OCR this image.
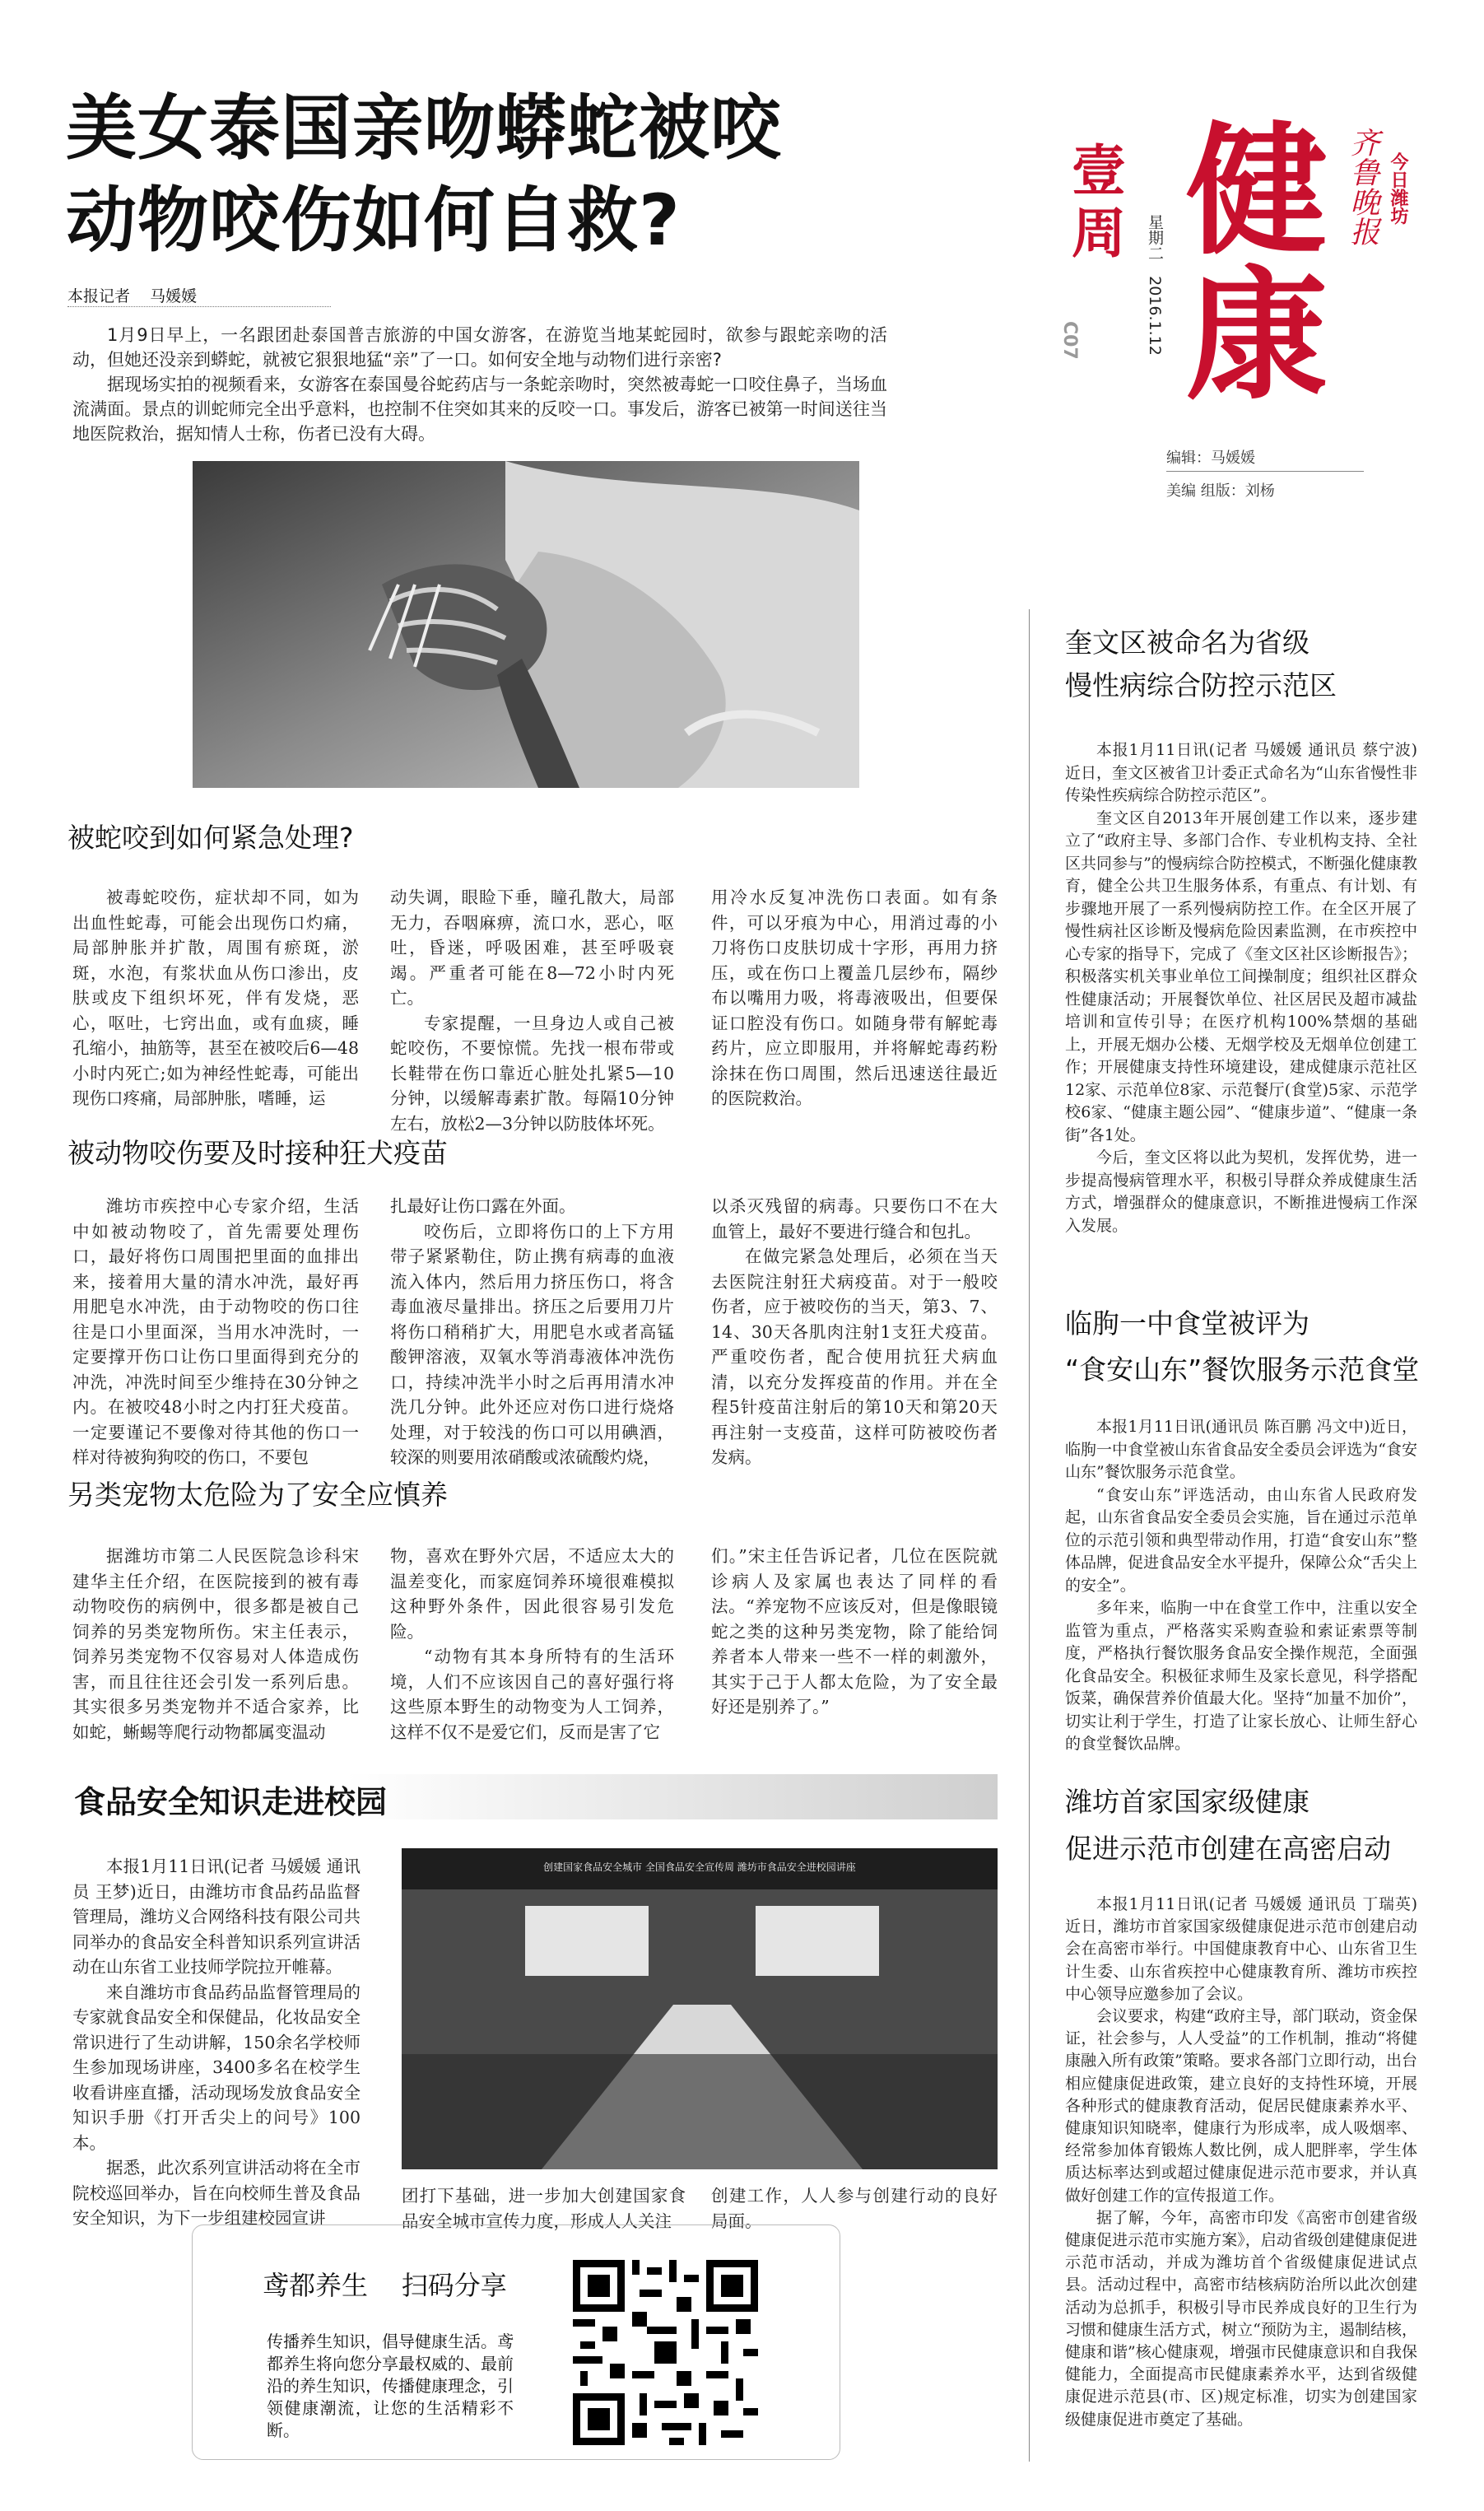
壹
周 星期二   2016.1.12
C07
健
康
齐鲁晚报 今日潍坊
编辑：马媛媛
美编 组版：刘杨
美女泰国亲吻蟒蛇被咬
动物咬伤如何自救?
本报记者    马媛媛

1月9日早上，一名跟团赴泰国普吉旅游的中国女游客，在游览当地某蛇园时，欲参与跟蛇亲吻的活动，但她还没亲到蟒蛇，就被它狠狠地猛“亲”了一口。如何安全地与动物们进行亲密?

据现场实拍的视频看来，女游客在泰国曼谷蛇药店与一条蛇亲吻时，突然被毒蛇一口咬住鼻子，当场血流满面。景点的训蛇师完全出乎意料，也控制不住突如其来的反咬一口。事发后，游客已被第一时间送往当地医院救治，据知情人士称，伤者已没有大碍。

被蛇咬到如何紧急处理?

被毒蛇咬伤，症状却不同，如为出血性蛇毒，可能会出现伤口灼痛，局部肿胀并扩散，周围有瘀斑，淤斑，水泡，有浆状血从伤口渗出，皮肤或皮下组织坏死，伴有发烧，恶心，呕吐，七窍出血，或有血痰，睡孔缩小，抽筋等，甚至在被咬后6—48小时内死亡;如为神经性蛇毒，可能出现伤口疼痛，局部肿胀，嗜睡，运

动失调，眼睑下垂，瞳孔散大，局部无力，吞咽麻痹，流口水，恶心，呕吐，昏迷，呼吸困难，甚至呼吸衰竭。严重者可能在8—72小时内死亡。

专家提醒，一旦身边人或自己被蛇咬伤，不要惊慌。先找一根布带或长鞋带在伤口靠近心脏处扎紧5—10分钟，以缓解毒素扩散。每隔10分钟左右，放松2—3分钟以防肢体坏死。

用冷水反复冲洗伤口表面。如有条件，可以牙痕为中心，用消过毒的小刀将伤口皮肤切成十字形，再用力挤压，或在伤口上覆盖几层纱布，隔纱布以嘴用力吸，将毒液吸出，但要保证口腔没有伤口。如随身带有解蛇毒药片，应立即服用，并将解蛇毒药粉涂抹在伤口周围，然后迅速送往最近的医院救治。

被动物咬伤要及时接种狂犬疫苗

潍坊市疾控中心专家介绍，生活中如被动物咬了，首先需要处理伤口，最好将伤口周围把里面的血排出来，接着用大量的清水冲洗，最好再用肥皂水冲洗，由于动物咬的伤口往往是口小里面深，当用水冲洗时，一定要撑开伤口让伤口里面得到充分的冲洗，冲洗时间至少维持在30分钟之内。在被咬48小时之内打狂犬疫苗。一定要谨记不要像对待其他的伤口一样对待被狗狗咬的伤口，不要包

扎最好让伤口露在外面。

咬伤后，立即将伤口的上下方用带子紧紧勒住，防止携有病毒的血液流入体内，然后用力挤压伤口，将含毒血液尽量排出。挤压之后要用刀片将伤口稍稍扩大，用肥皂水或者高锰酸钾溶液，双氧水等消毒液体冲洗伤口，持续冲洗半小时之后再用清水冲洗几分钟。此外还应对伤口进行烧烙处理，对于较浅的伤口可以用碘酒，较深的则要用浓硝酸或浓硫酸灼烧，

以杀灭残留的病毒。只要伤口不在大血管上，最好不要进行缝合和包扎。

在做完紧急处理后，必须在当天去医院注射狂犬病疫苗。对于一般咬伤者，应于被咬伤的当天，第3、7、14、30天各肌肉注射1支狂犬疫苗。严重咬伤者，配合使用抗狂犬病血清，以充分发挥疫苗的作用。并在全程5针疫苗注射后的第10天和第20天再注射一支疫苗，这样可防被咬伤者发病。

另类宠物太危险为了安全应慎养

据潍坊市第二人民医院急诊科宋建华主任介绍，在医院接到的被有毒动物咬伤的病例中，很多都是被自己饲养的另类宠物所伤。宋主任表示，饲养另类宠物不仅容易对人体造成伤害，而且往往还会引发一系列后患。其实很多另类宠物并不适合家养，比如蛇，蜥蜴等爬行动物都属变温动

物，喜欢在野外穴居，不适应太大的温差变化，而家庭饲养环境很难模拟这种野外条件，因此很容易引发危险。

“动物有其本身所特有的生活环境，人们不应该因自己的喜好强行将这些原本野生的动物变为人工饲养，这样不仅不是爱它们，反而是害了它

们。”宋主任告诉记者，几位在医院就诊病人及家属也表达了同样的看法。“养宠物不应该反对，但是像眼镜蛇之类的这种另类宠物，除了能给饲养者本人带来一些不一样的刺激外，其实于己于人都太危险，为了安全最好还是别养了。”

食品安全知识走进校园

本报1月11日讯(记者 马媛媛 通讯员 王梦)近日，由潍坊市食品药品监督管理局，潍坊义合网络科技有限公司共同举办的食品安全科普知识系列宣讲活动在山东省工业技师学院拉开帷幕。

来自潍坊市食品药品监督管理局的专家就食品安全和保健品，化妆品安全常识进行了生动讲解，150余名学校师生参加现场讲座，3400多名在校学生收看讲座直播，活动现场发放食品安全知识手册《打开舌尖上的问号》100本。

据悉，此次系列宣讲活动将在全市院校巡回举办，旨在向校师生普及食品安全知识，为下一步组建校园宣讲

创建国家食品安全城市 全国食品安全宣传周 潍坊市食品安全进校园讲座

团打下基础，进一步加大创建国家食品安全城市宣传力度，形成人人关注

创建工作，人人参与创建行动的良好局面。

鸢都养生    扫码分享
传播养生知识，倡导健康生活。鸢都养生将向您分享最权威的、最前沿的养生知识，传播健康理念，引领健康潮流，让您的生活精彩不断。
奎文区被命名为省级
慢性病综合防控示范区

本报1月11日讯(记者 马媛媛 通讯员 蔡宁波)近日，奎文区被省卫计委正式命名为“山东省慢性非传染性疾病综合防控示范区”。

奎文区自2013年开展创建工作以来，逐步建立了“政府主导、多部门合作、专业机构支持、全社区共同参与”的慢病综合防控模式，不断强化健康教育，健全公共卫生服务体系，有重点、有计划、有步骤地开展了一系列慢病防控工作。在全区开展了慢性病社区诊断及慢病危险因素监测，在市疾控中心专家的指导下，完成了《奎文区社区诊断报告》；积极落实机关事业单位工间操制度；组织社区群众性健康活动；开展餐饮单位、社区居民及超市减盐培训和宣传引导；在医疗机构100%禁烟的基础上，开展无烟办公楼、无烟学校及无烟单位创建工作；开展健康支持性环境建设，建成健康示范社区12家、示范单位8家、示范餐厅(食堂)5家、示范学校6家、“健康主题公园”、“健康步道”、“健康一条街”各1处。

今后，奎文区将以此为契机，发挥优势，进一步提高慢病管理水平，积极引导群众养成健康生活方式，增强群众的健康意识，不断推进慢病工作深入发展。

临朐一中食堂被评为
“食安山东”餐饮服务示范食堂

本报1月11日讯(通讯员 陈百鹏 冯文中)近日，临朐一中食堂被山东省食品安全委员会评选为“食安山东”餐饮服务示范食堂。

“食安山东”评选活动，由山东省人民政府发起，山东省食品安全委员会实施，旨在通过示范单位的示范引领和典型带动作用，打造“食安山东”整体品牌，促进食品安全水平提升，保障公众“舌尖上的安全”。

多年来，临朐一中在食堂工作中，注重以安全监管为重点，严格落实采购查验和索证索票等制度，严格执行餐饮服务食品安全操作规范，全面强化食品安全。积极征求师生及家长意见，科学搭配饭菜，确保营养价值最大化。坚持“加量不加价”，切实让利于学生，打造了让家长放心、让师生舒心的食堂餐饮品牌。

潍坊首家国家级健康
促进示范市创建在高密启动

本报1月11日讯(记者 马媛媛 通讯员 丁瑞英)近日，潍坊市首家国家级健康促进示范市创建启动会在高密市举行。中国健康教育中心、山东省卫生计生委、山东省疾控中心健康教育所、潍坊市疾控中心领导应邀参加了会议。

会议要求，构建“政府主导，部门联动，资金保证，社会参与，人人受益”的工作机制，推动“将健康融入所有政策”策略。要求各部门立即行动，出台相应健康促进政策，建立良好的支持性环境，开展各种形式的健康教育活动，促居民健康素养水平、健康知识知晓率，健康行为形成率，成人吸烟率、经常参加体育锻炼人数比例，成人肥胖率，学生体质达标率达到或超过健康促进示范市要求，并认真做好创建工作的宣传报道工作。

据了解，今年，高密市印发《高密市创建省级健康促进示范市实施方案》，启动省级创建健康促进示范市活动，并成为潍坊首个省级健康促进试点县。活动过程中，高密市结核病防治所以此次创建活动为总抓手，积极引导市民养成良好的卫生行为习惯和健康生活方式，树立“预防为主，遏制结核，健康和谐”核心健康观，增强市民健康意识和自我保健能力，全面提高市民健康素养水平，达到省级健康促进示范县(市、区)规定标准，切实为创建国家级健康促进市奠定了基础。
